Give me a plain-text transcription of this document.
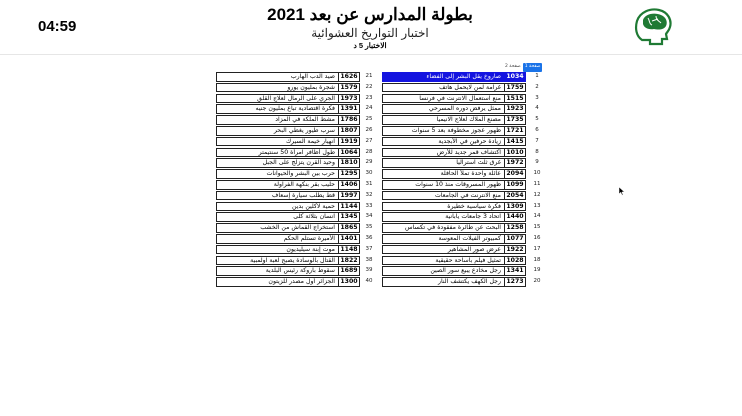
04:59
بطولة المدارس عن بعد 2021
اختبار التواريخ العشوائية
الاختبار 5 د
صفحة 1
صفحة 2
صاروخ يقل البشر إلى الفضاء 1034	1
غرامة لمن لايحمل هاتف 1759	2
منع استعمال الانترنت في فرنسا 1515	3
ممثل يرفض دوره المسرحي 1923	4
مصنع الملاك لعلاج الانيميا 1735	5
ظهور عجوز مخطوفة بعد 5 سنوات 1721	6
زيادة حرفين في الأبجدية 1415	7
اكتشاف قمر جديد للأرض 1010	8
غرق ثلث استراليا 1972	9
عائلة واحدة تملأ الحافلة 2094	10
ظهور المسروقات منذ 10 سنوات 1099	11
منع الانترنت في الجامعات 2054	12
فكرة سياسية خطيرة 1309	13
اتحاد 3 جامعات يابانية 1440	14
البحث عن طائرة مفقودة في تكساس 1258	15
كمبيوتر الفيلات المعوسة 1077	16
عرض صور المشاهير 1922	17
تمثيل فيلم بأساحة حقيقية 1028	18
رجل مخادع يبيع سور الصين 1341	19
رجل الكهف يكتشف النار 1273	20
صيد الدب الهارب 1626	21
شجرة بمليون يورو 1579	22
الجري على الرمال لعلاج القلق 1973	23
فكرة اقتصادية تباع بمليون جنيه 1391	24
مشط الملكة في المزاد 1786	25
سرب طيور يغطي البحر 1807	26
انهيار خيمة السيرك 1919	27
طول أظافر امرأة 50 سنتيمتر 1064	28
وحيد القرن يتزلج على الجبل 1810	29
حرب بين البشر والحيوانات 1295	30
حليب بقر بنكهة الفراولة 1406	31
قط يطلب سيارة إسعاف 1997	32
حمية لاكلين بدين 1144	33
انسان بثلاثة كلى 1345	34
استخراج القماش من الخشب 1865	35
الأميرة تستلم الحكم 1401	36
موت إبنة سيليديون 1148	37
القتال بالوسادة يصبح لعبة اولمبية 1822	38
سقوط باروكة رئيس البلدية 1689	39
الجزائر أول مصدر للزيتون 1300	40
